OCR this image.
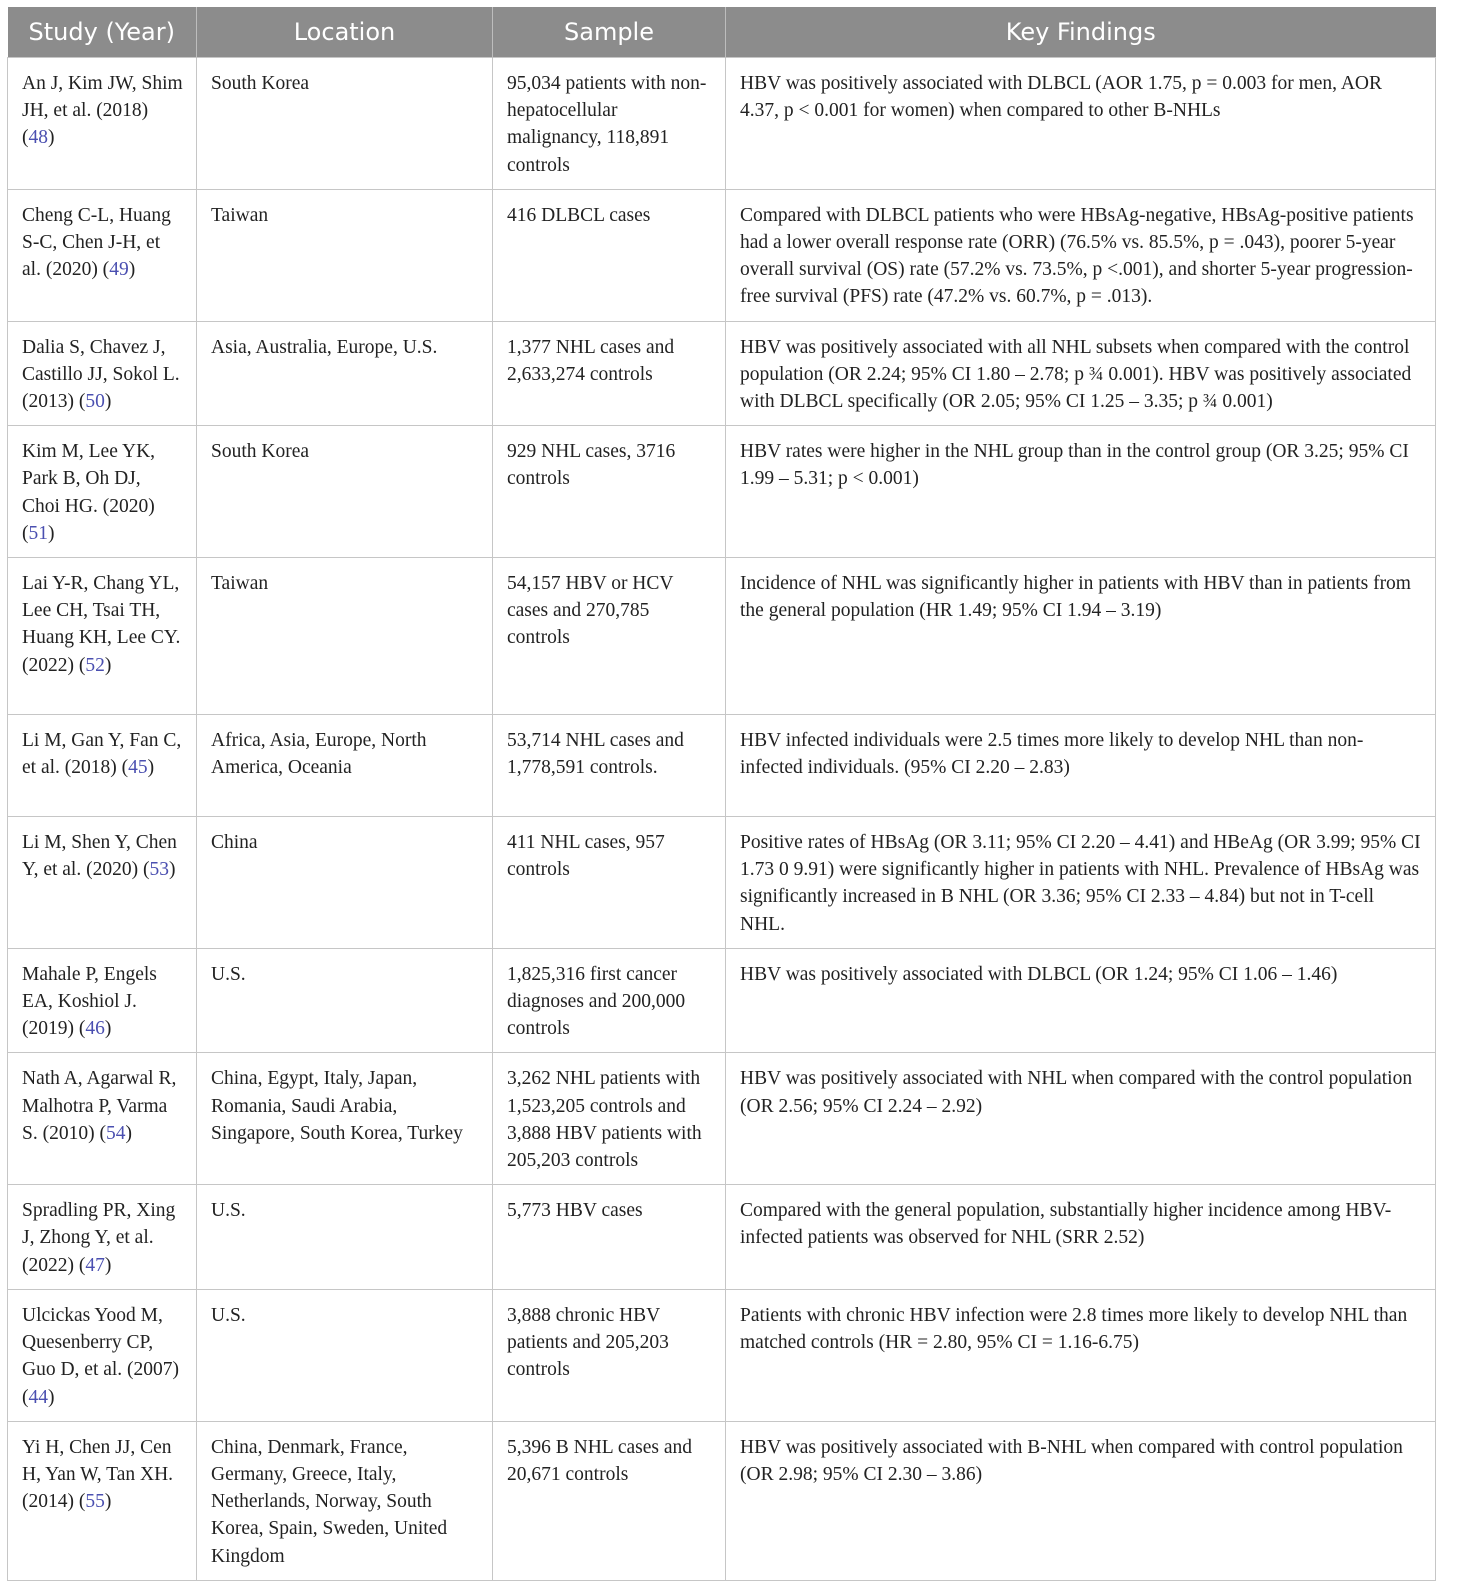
Study (Year)	Location	Sample	Key Findings
An J, Kim JW, Shim JH, et al. (2018) (48)	South Korea	95,034 patients with non-hepatocellular malignancy, 118,891 controls	HBV was positively associated with DLBCL (AOR 1.75, p = 0.003 for men, AOR 4.37, p < 0.001 for women) when compared to other B-NHLs
Cheng C-L, Huang S-C, Chen J-H, et al. (2020) (49)	Taiwan	416 DLBCL cases	Compared with DLBCL patients who were HBsAg-negative, HBsAg-positive patients had a lower overall response rate (ORR) (76.5% vs. 85.5%, p = .043), poorer 5-year overall survival (OS) rate (57.2% vs. 73.5%, p <.001), and shorter 5-year progression-free survival (PFS) rate (47.2% vs. 60.7%, p = .013).
Dalia S, Chavez J, Castillo JJ, Sokol L. (2013) (50)	Asia, Australia, Europe, U.S.	1,377 NHL cases and 2,633,274 controls	HBV was positively associated with all NHL subsets when compared with the control population (OR 2.24; 95% CI 1.80 – 2.78; p ¾ 0.001). HBV was positively associated with DLBCL specifically (OR 2.05; 95% CI 1.25 – 3.35; p ¾ 0.001)
Kim M, Lee YK, Park B, Oh DJ, Choi HG. (2020) (51)	South Korea	929 NHL cases, 3716 controls	HBV rates were higher in the NHL group than in the control group (OR 3.25; 95% CI 1.99 – 5.31; p < 0.001)
Lai Y-R, Chang YL, Lee CH, Tsai TH, Huang KH, Lee CY. (2022) (52)	Taiwan	54,157 HBV or HCV cases and 270,785 controls	Incidence of NHL was significantly higher in patients with HBV than in patients from the general population (HR 1.49; 95% CI 1.94 – 3.19)
Li M, Gan Y, Fan C, et al. (2018) (45)	Africa, Asia, Europe, North America, Oceania	53,714 NHL cases and 1,778,591 controls.	HBV infected individuals were 2.5 times more likely to develop NHL than non-infected individuals. (95% CI 2.20 – 2.83)
Li M, Shen Y, Chen Y, et al. (2020) (53)	China	411 NHL cases, 957 controls	Positive rates of HBsAg (OR 3.11; 95% CI 2.20 – 4.41) and HBeAg (OR 3.99; 95% CI 1.73 0 9.91) were significantly higher in patients with NHL. Prevalence of HBsAg was significantly increased in B NHL (OR 3.36; 95% CI 2.33 – 4.84) but not in T-cell NHL.
Mahale P, Engels EA, Koshiol J. (2019) (46)	U.S.	1,825,316 first cancer diagnoses and 200,000 controls	HBV was positively associated with DLBCL (OR 1.24; 95% CI 1.06 – 1.46)
Nath A, Agarwal R, Malhotra P, Varma S. (2010) (54)	China, Egypt, Italy, Japan, Romania, Saudi Arabia, Singapore, South Korea, Turkey	3,262 NHL patients with 1,523,205 controls and 3,888 HBV patients with 205,203 controls	HBV was positively associated with NHL when compared with the control population (OR 2.56; 95% CI 2.24 – 2.92)
Spradling PR, Xing J, Zhong Y, et al. (2022) (47)	U.S.	5,773 HBV cases	Compared with the general population, substantially higher incidence among HBV-infected patients was observed for NHL (SRR 2.52)
Ulcickas Yood M, Quesenberry CP, Guo D, et al. (2007) (44)	U.S.	3,888 chronic HBV patients and 205,203 controls	Patients with chronic HBV infection were 2.8 times more likely to develop NHL than matched controls (HR = 2.80, 95% CI = 1.16-6.75)
Yi H, Chen JJ, Cen H, Yan W, Tan XH. (2014) (55)	China, Denmark, France, Germany, Greece, Italy, Netherlands, Norway, South Korea, Spain, Sweden, United Kingdom	5,396 B NHL cases and 20,671 controls	HBV was positively associated with B-NHL when compared with control population (OR 2.98; 95% CI 2.30 – 3.86)
